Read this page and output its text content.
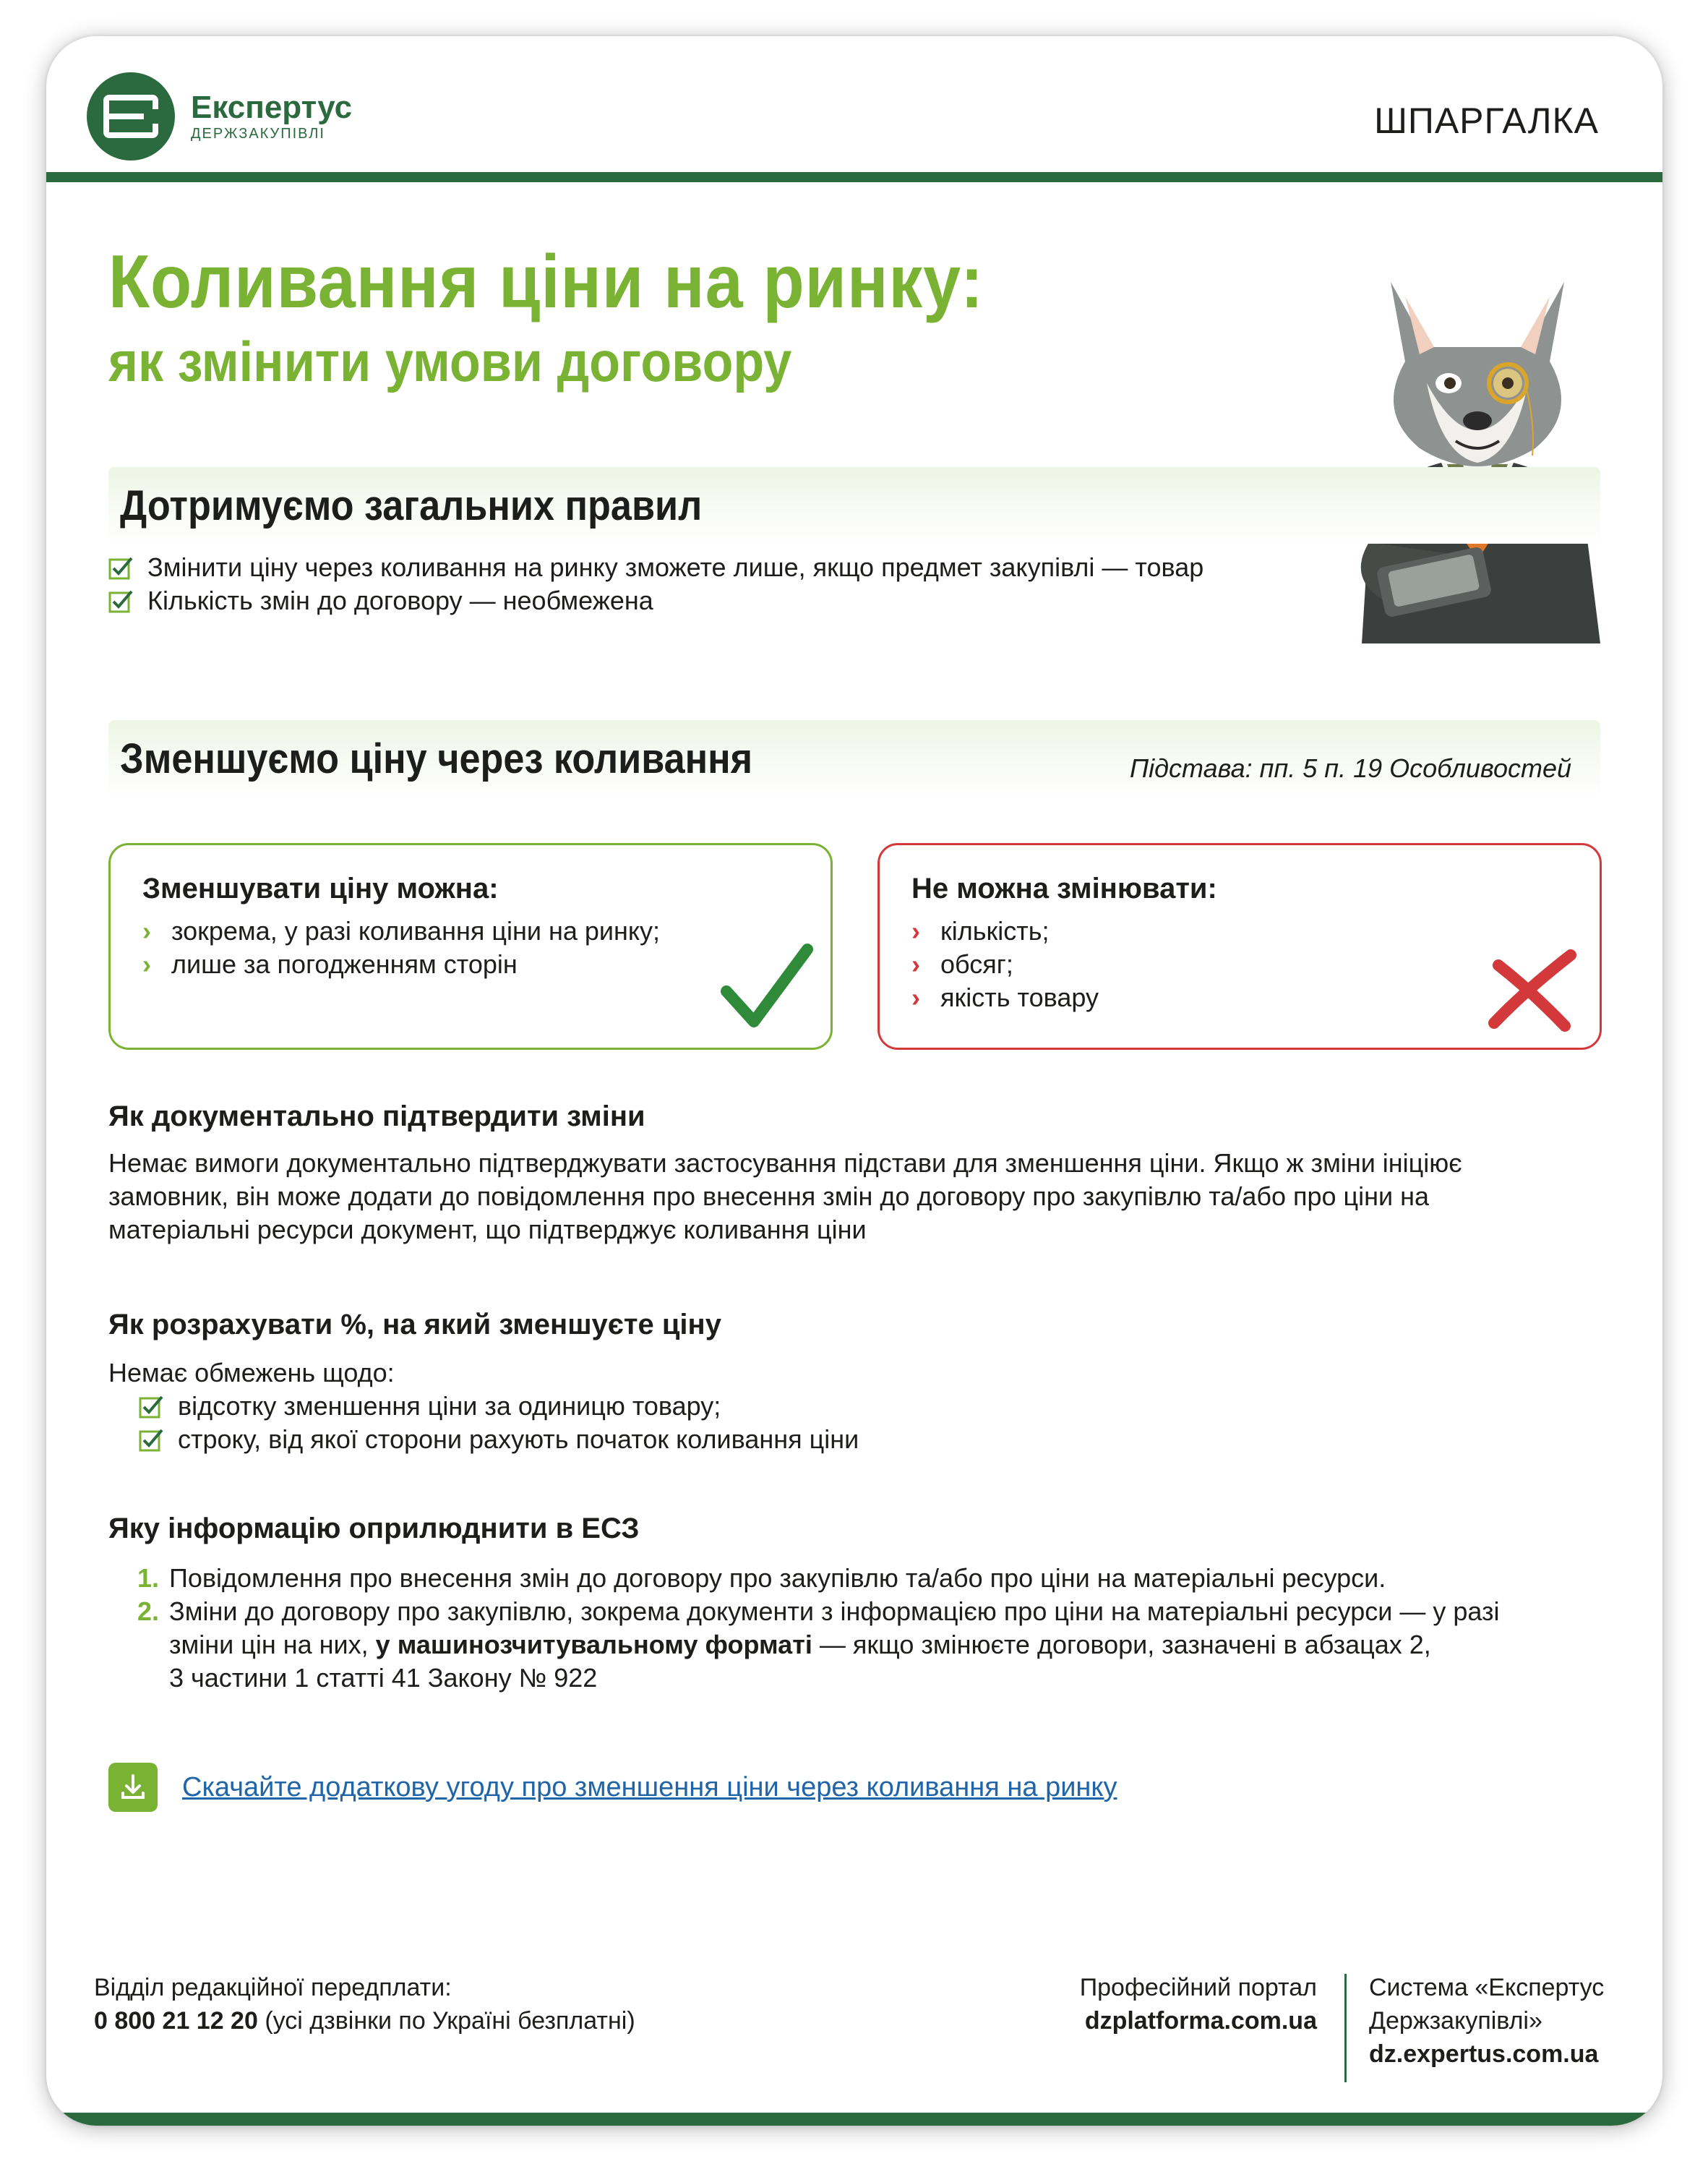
Експертус
ДЕРЖЗАКУПІВЛІ	ШПАРГАЛКА
Коливання ціни на ринку:
як змінити умови договору
Дотримуємо загальних правил
Змінити ціну через коливання на ринку зможете лише, якщо предмет закупівлі — товар
Кількість змін до договору — необмежена
Зменшуємо ціну через коливання	Підстава: пп. 5 п. 19 Особливостей
Зменшувати ціну можна:
› зокрема, у разі коливання ціни на ринку;
› лише за погодженням сторін
Не можна змінювати:
› кількість;
› обсяг;
› якість товару
Як документально підтвердити зміни

Немає вимоги документально підтверджувати застосування підстави для зменшення ціни. Якщо ж зміни ініціює
замовник, він може додати до повідомлення про внесення змін до договору про закупівлю та/або про ціни на
матеріальні ресурси документ, що підтверджує коливання ціни

Як розрахувати %, на який зменшуєте ціну

Немає обмежень щодо:

відсотку зменшення ціни за одиницю товару;
строку, від якої сторони рахують початок коливання ціни
Яку інформацію оприлюднити в ЕСЗ
1. Повідомлення про внесення змін до договору про закупівлю та/або про ціни на матеріальні ресурси.
2. Зміни до договору про закупівлю, зокрема документи з інформацією про ціни на матеріальні ресурси — у разі
зміни цін на них, у машинозчитувальному форматі — якщо змінюєте договори, зазначені в абзацах 2,
3 частини 1 статті 41 Закону № 922
Скачайте додаткову угоду про зменшення ціни через коливання на ринку
Відділ редакційної передплати:
0 800 21 12 20 (усі дзвінки по Україні безплатні)
Професійний портал
dzplatforma.com.ua
Система «Експертус
Держзакупівлі»
dz.expertus.com.ua
